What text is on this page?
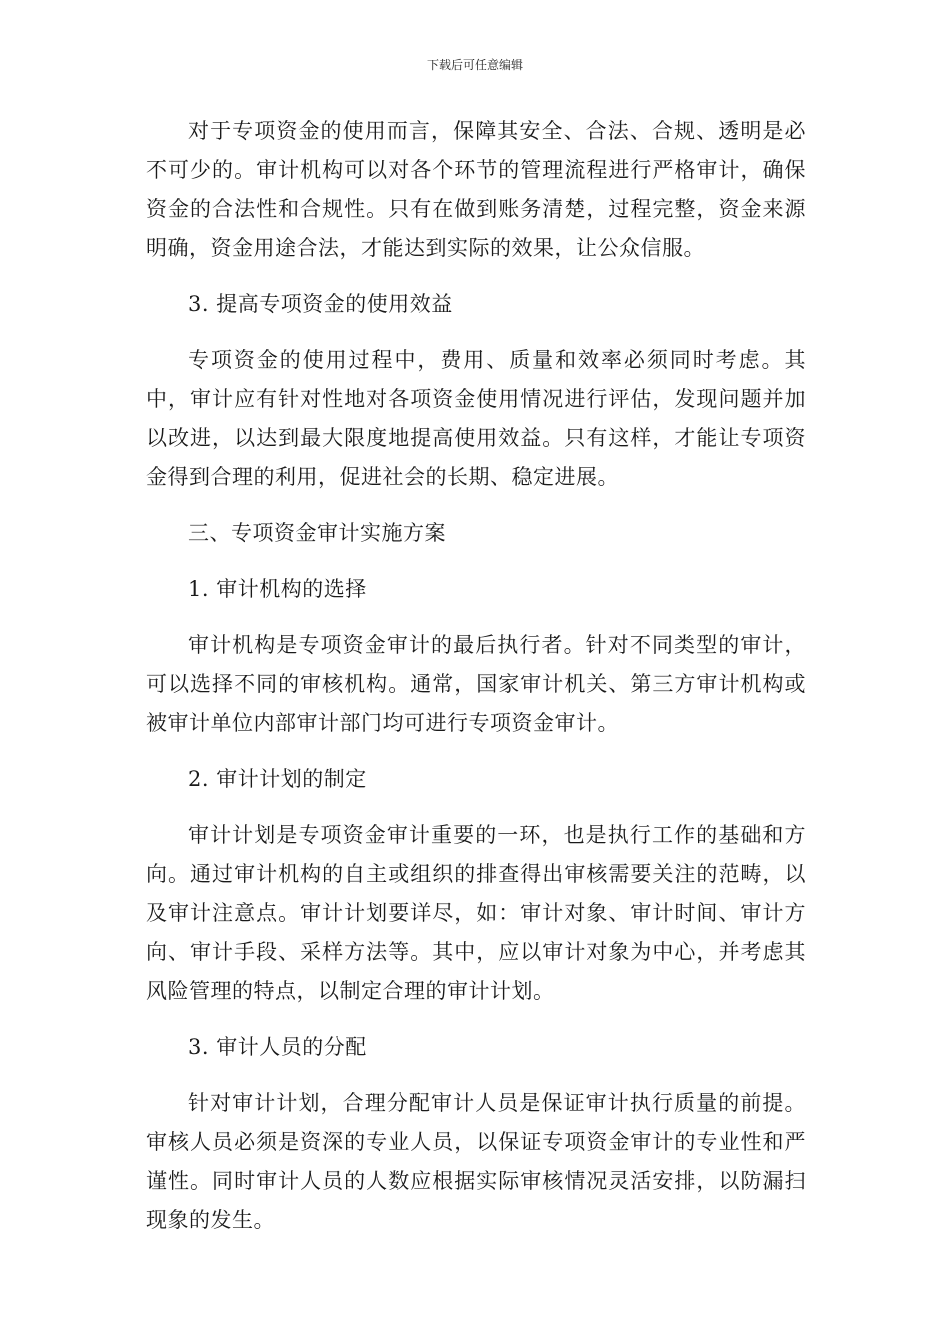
下载后可任意编辑

对于专项资金的使用而言，保障其安全、合法、合规、透明是必不可少的。审计机构可以对各个环节的管理流程进行严格审计，确保资金的合法性和合规性。只有在做到账务清楚，过程完整，资金来源明确，资金用途合法，才能达到实际的效果，让公众信服。

3. 提高专项资金的使用效益

专项资金的使用过程中，费用、质量和效率必须同时考虑。其中，审计应有针对性地对各项资金使用情况进行评估，发现问题并加以改进，以达到最大限度地提高使用效益。只有这样，才能让专项资金得到合理的利用，促进社会的长期、稳定进展。

三、专项资金审计实施方案

1. 审计机构的选择

审计机构是专项资金审计的最后执行者。针对不同类型的审计，可以选择不同的审核机构。通常，国家审计机关、第三方审计机构或被审计单位内部审计部门均可进行专项资金审计。

2. 审计计划的制定

审计计划是专项资金审计重要的一环，也是执行工作的基础和方向。通过审计机构的自主或组织的排查得出审核需要关注的范畴，以及审计注意点。审计计划要详尽，如：审计对象、审计时间、审计方向、审计手段、采样方法等。其中，应以审计对象为中心，并考虑其风险管理的特点，以制定合理的审计计划。

3. 审计人员的分配

针对审计计划，合理分配审计人员是保证审计执行质量的前提。审核人员必须是资深的专业人员，以保证专项资金审计的专业性和严谨性。同时审计人员的人数应根据实际审核情况灵活安排，以防漏扫现象的发生。
